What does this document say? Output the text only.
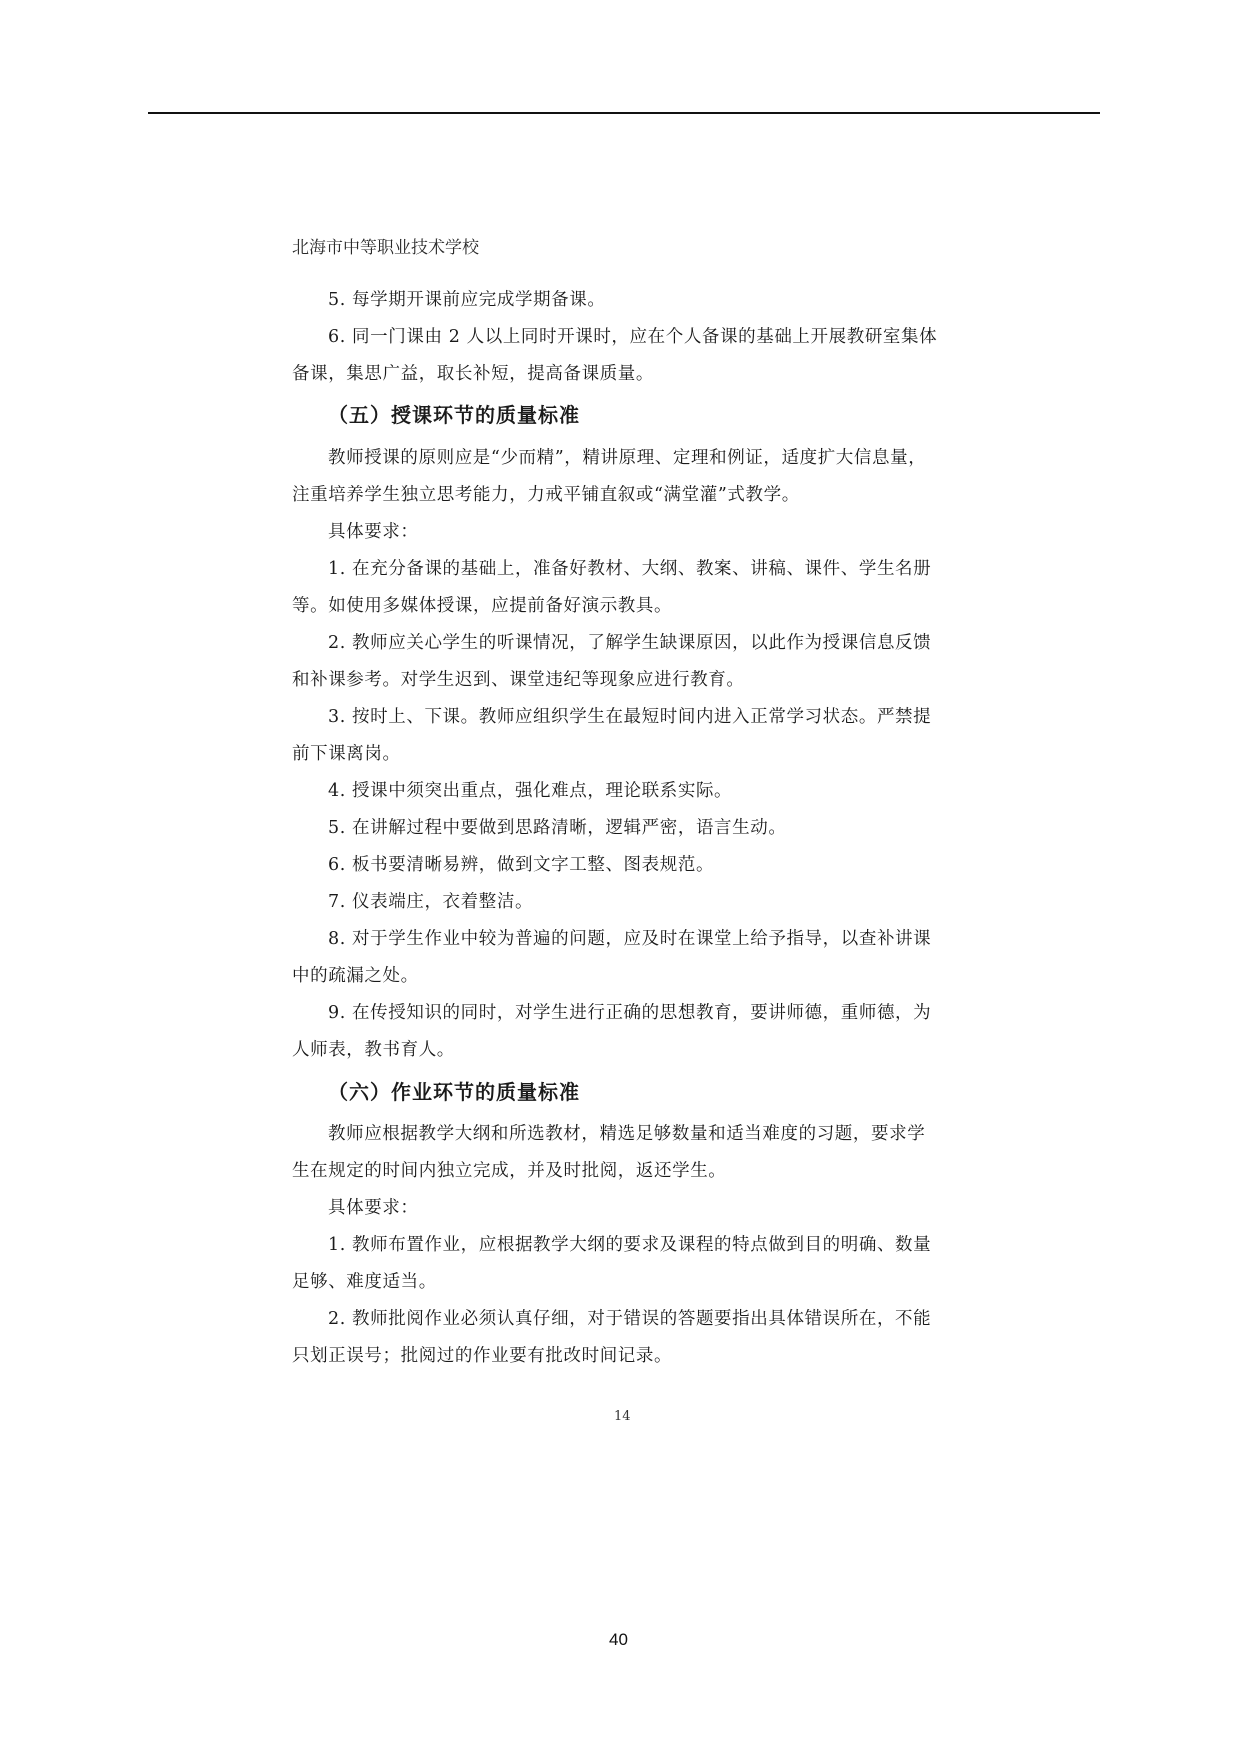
北海市中等职业技术学校
5. 每学期开课前应完成学期备课。
6. 同一门课由 2 人以上同时开课时，应在个人备课的基础上开展教研室集体
备课，集思广益，取长补短，提高备课质量。
（五）授课环节的质量标准
教师授课的原则应是“少而精”，精讲原理、定理和例证，适度扩大信息量，
注重培养学生独立思考能力，力戒平铺直叙或“满堂灌”式教学。
具体要求：
1. 在充分备课的基础上，准备好教材、大纲、教案、讲稿、课件、学生名册
等。如使用多媒体授课，应提前备好演示教具。
2. 教师应关心学生的听课情况，了解学生缺课原因，以此作为授课信息反馈
和补课参考。对学生迟到、课堂违纪等现象应进行教育。
3. 按时上、下课。教师应组织学生在最短时间内进入正常学习状态。严禁提
前下课离岗。
4. 授课中须突出重点，强化难点，理论联系实际。
5. 在讲解过程中要做到思路清晰，逻辑严密，语言生动。
6. 板书要清晰易辨，做到文字工整、图表规范。
7. 仪表端庄，衣着整洁。
8. 对于学生作业中较为普遍的问题，应及时在课堂上给予指导，以查补讲课
中的疏漏之处。
9. 在传授知识的同时，对学生进行正确的思想教育，要讲师德，重师德，为
人师表，教书育人。
（六）作业环节的质量标准
教师应根据教学大纲和所选教材，精选足够数量和适当难度的习题，要求学
生在规定的时间内独立完成，并及时批阅，返还学生。
具体要求：
1. 教师布置作业，应根据教学大纲的要求及课程的特点做到目的明确、数量
足够、难度适当。
2. 教师批阅作业必须认真仔细，对于错误的答题要指出具体错误所在，不能
只划正误号；批阅过的作业要有批改时间记录。
14
40
